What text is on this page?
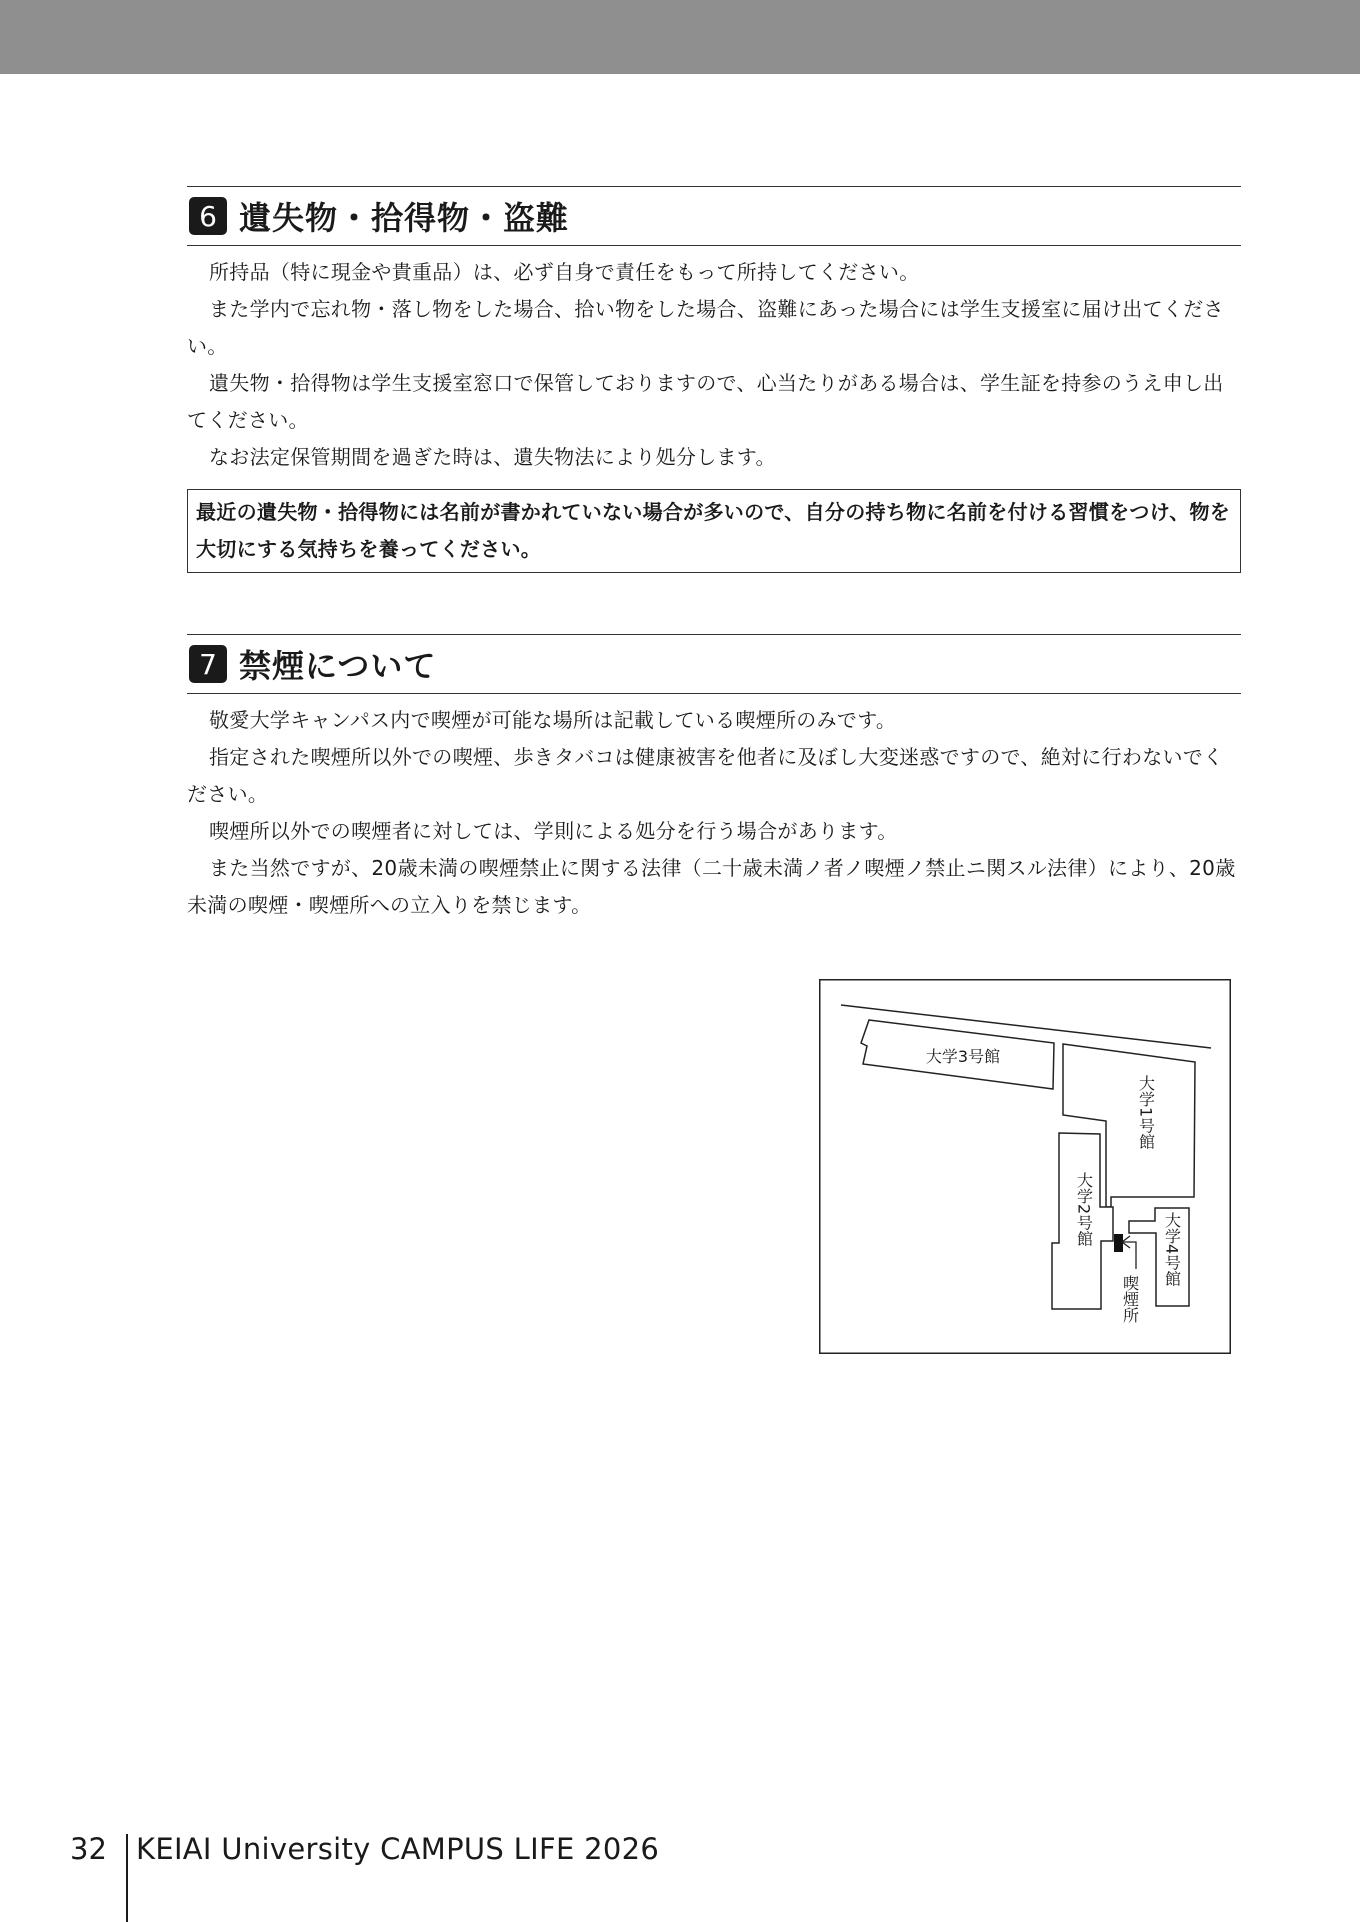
6 遺失物・拾得物・盗難

所持品（特に現金や貴重品）は、必ず自身で責任をもって所持してください。

また学内で忘れ物・落し物をした場合、拾い物をした場合、盗難にあった場合には学生支援室に届け出てください。

遺失物・拾得物は学生支援室窓口で保管しておりますので、心当たりがある場合は、学生証を持参のうえ申し出てください。

なお法定保管期間を過ぎた時は、遺失物法により処分します。

最近の遺失物・拾得物には名前が書かれていない場合が多いので、自分の持ち物に名前を付ける習慣をつけ、物を大切にする気持ちを養ってください。
7 禁煙について

敬愛大学キャンパス内で喫煙が可能な場所は記載している喫煙所のみです。

指定された喫煙所以外での喫煙、歩きタバコは健康被害を他者に及ぼし大変迷惑ですので、絶対に行わないでください。

喫煙所以外での喫煙者に対しては、学則による処分を行う場合があります。

また当然ですが、20歳未満の喫煙禁止に関する法律（二十歳未満ノ者ノ喫煙ノ禁止ニ関スル法律）により、20歳未満の喫煙・喫煙所への立入りを禁じます。

大学3号館
大学1号館
大学2号館
大学4号館
喫煙所
32	KEIAI University CAMPUS LIFE 2026
